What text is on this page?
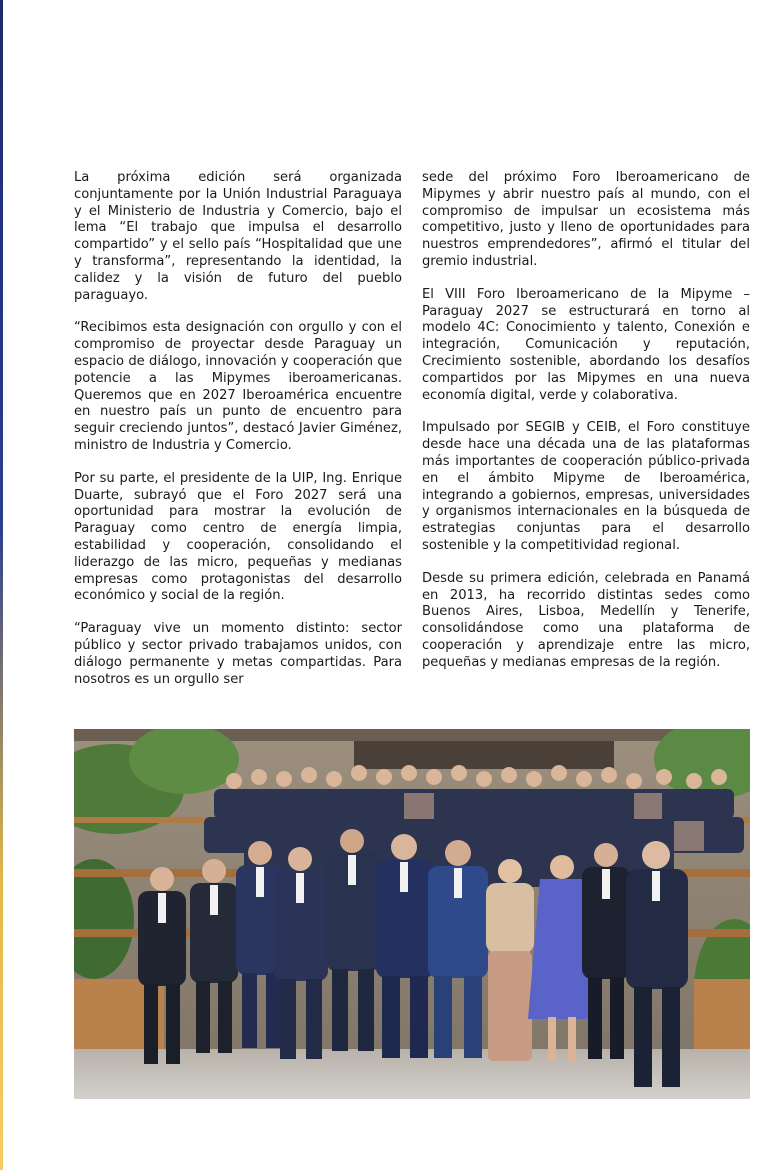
La próxima edición será organizada conjuntamente por la Unión Industrial Paraguaya y el Ministerio de Industria y Comercio, bajo el lema “El trabajo que impulsa el desarrollo compartido” y el sello país “Hospitalidad que une y transforma”, representando la identidad, la calidez y la visión de futuro del pueblo paraguayo.

“Recibimos esta designación con orgullo y con el compromiso de proyectar desde Paraguay un espacio de diálogo, innovación y cooperación que potencie a las Mipymes iberoamericanas. Queremos que en 2027 Iberoamérica encuentre en nuestro país un punto de encuentro para seguir creciendo juntos”, destacó Javier Giménez, ministro de Industria y Comercio.

Por su parte, el presidente de la UIP, Ing. Enrique Duarte, subrayó que el Foro 2027 será una oportunidad para mostrar la evolución de Paraguay como centro de energía limpia, estabilidad y cooperación, consolidando el liderazgo de las micro, pequeñas y medianas empresas como protagonistas del desarrollo económico y social de la región.

“Paraguay vive un momento distinto: sector público y sector privado trabajamos unidos, con diálogo permanente y metas compartidas. Para nosotros es un orgullo ser

sede del próximo Foro Iberoamericano de Mipymes y abrir nuestro país al mundo, con el compromiso de impulsar un ecosistema más competitivo, justo y lleno de oportunidades para nuestros emprendedores”, afirmó el titular del gremio industrial.

El VIII Foro Iberoamericano de la Mipyme – Paraguay 2027 se estructurará en torno al modelo 4C: Conocimiento y talento, Conexión e integración, Comunicación y reputación, Crecimiento sostenible, abordando los desafíos compartidos por las Mipymes en una nueva economía digital, verde y colaborativa.

Impulsado por SEGIB y CEIB, el Foro constituye desde hace una década una de las plataformas más importantes de cooperación público-privada en el ámbito Mipyme de Iberoamérica, integrando a gobiernos, empresas, universidades y organismos internacionales en la búsqueda de estrategias conjuntas para el desarrollo sostenible y la competitividad regional.

Desde su primera edición, celebrada en Panamá en 2013, ha recorrido distintas sedes como Buenos Aires, Lisboa, Medellín y Tenerife, consolidándose como una plataforma de cooperación y aprendizaje entre las micro, pequeñas y medianas empresas de la región.
